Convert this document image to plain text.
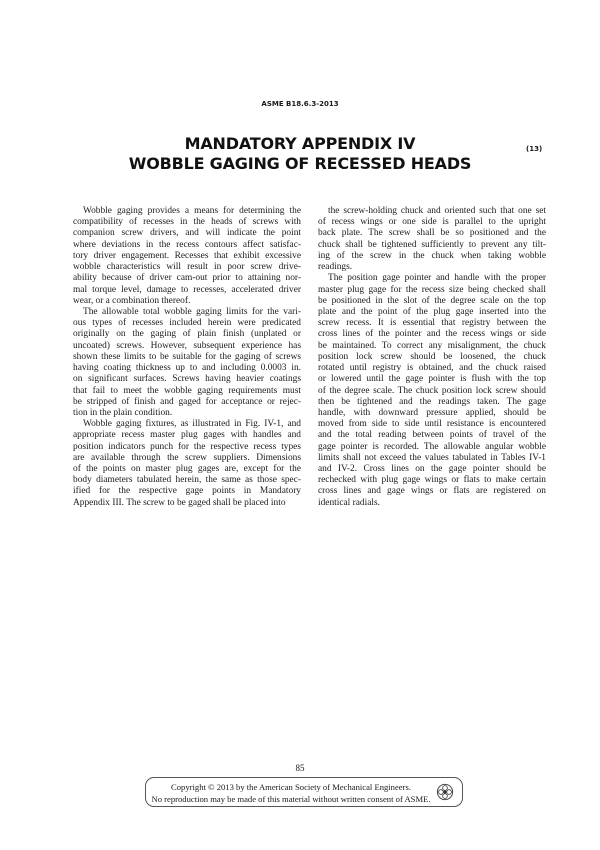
ASME B18.6.3-2013
MANDATORY APPENDIX IV
WOBBLE GAGING OF RECESSED HEADS
(13)
Wobble gaging provides a means for determining the
compatibility of recesses in the heads of screws with
companion screw drivers, and will indicate the point
where deviations in the recess contours affect satisfac-
tory driver engagement. Recesses that exhibit excessive
wobble characteristics will result in poor screw drive-
ability because of driver cam-out prior to attaining nor-
mal torque level, damage to recesses, accelerated driver
wear, or a combination thereof.
The allowable total wobble gaging limits for the vari-
ous types of recesses included herein were predicated
originally on the gaging of plain finish (unplated or
uncoated) screws. However, subsequent experience has
shown these limits to be suitable for the gaging of screws
having coating thickness up to and including 0.0003 in.
on significant surfaces. Screws having heavier coatings
that fail to meet the wobble gaging requirements must
be stripped of finish and gaged for acceptance or rejec-
tion in the plain condition.
Wobble gaging fixtures, as illustrated in Fig. IV-1, and
appropriate recess master plug gages with handles and
position indicators punch for the respective recess types
are available through the screw suppliers. Dimensions
of the points on master plug gages are, except for the
body diameters tabulated herein, the same as those spec-
ified for the respective gage points in Mandatory
Appendix III. The screw to be gaged shall be placed into
the screw-holding chuck and oriented such that one set
of recess wings or one side is parallel to the upright
back plate. The screw shall be so positioned and the
chuck shall be tightened sufficiently to prevent any tilt-
ing of the screw in the chuck when taking wobble
readings.
The position gage pointer and handle with the proper
master plug gage for the recess size being checked shall
be positioned in the slot of the degree scale on the top
plate and the point of the plug gage inserted into the
screw recess. It is essential that registry between the
cross lines of the pointer and the recess wings or side
be maintained. To correct any misalignment, the chuck
position lock screw should be loosened, the chuck
rotated until registry is obtained, and the chuck raised
or lowered until the gage pointer is flush with the top
of the degree scale. The chuck position lock screw should
then be tightened and the readings taken. The gage
handle, with downward pressure applied, should be
moved from side to side until resistance is encountered
and the total reading between points of travel of the
gage pointer is recorded. The allowable angular wobble
limits shall not exceed the values tabulated in Tables IV-1
and IV-2. Cross lines on the gage pointer should be
rechecked with plug gage wings or flats to make certain
cross lines and gage wings or flats are registered on
identical radials.
85
Copyright © 2013 by the American Society of Mechanical Engineers.
No reproduction may be made of this material without written consent of ASME.
